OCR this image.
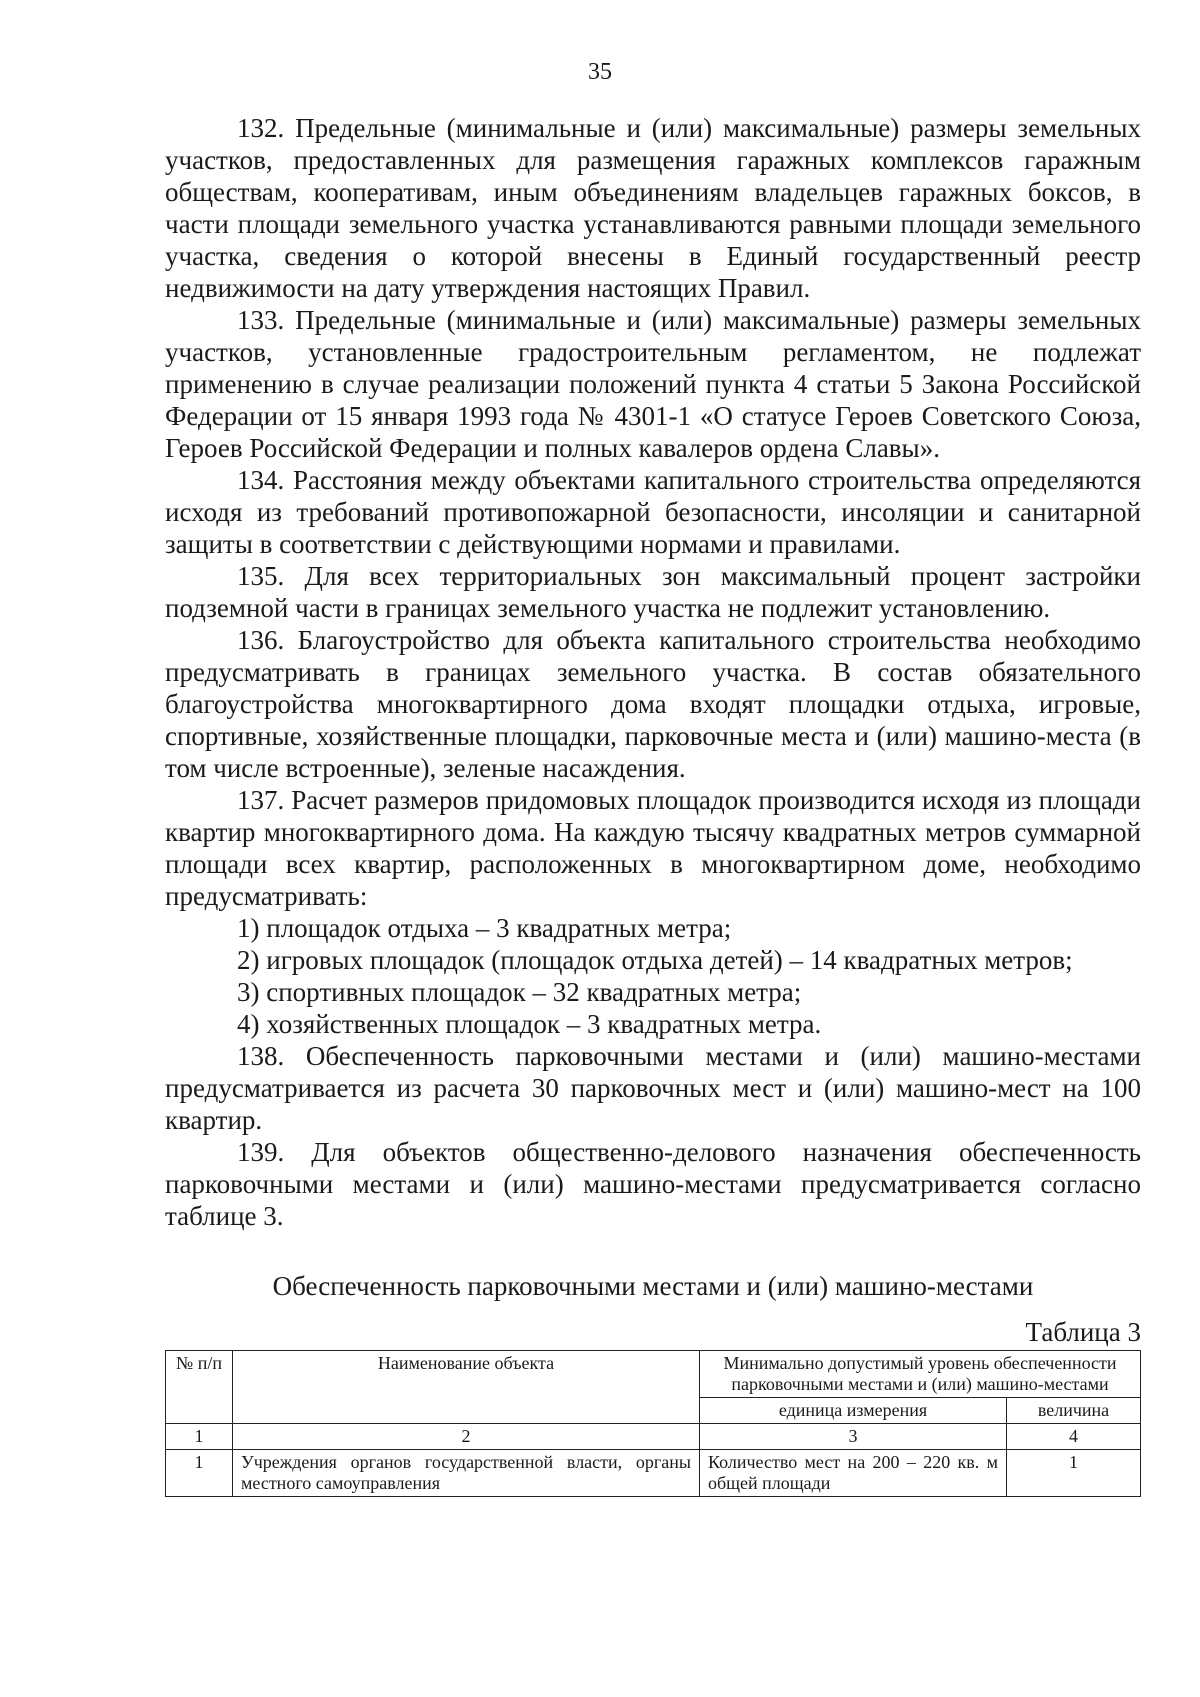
35

132. Предельные (минимальные и (или) максимальные) размеры земельных участков, предоставленных для размещения гаражных комплексов гаражным обществам, кооперативам, иным объединениям владельцев гаражных боксов, в части площади земельного участка устанавливаются равными площади земельного участка, сведения о которой внесены в Единый государственный реестр недвижимости на дату утверждения настоящих Правил.

133. Предельные (минимальные и (или) максимальные) размеры земельных участков, установленные градостроительным регламентом, не подлежат применению в случае реализации положений пункта 4 статьи 5 Закона Российской Федерации от 15 января 1993 года № 4301-1 «О статусе Героев Советского Союза, Героев Российской Федерации и полных кавалеров ордена Славы».

134. Расстояния между объектами капитального строительства определяются исходя из требований противопожарной безопасности, инсоляции и санитарной защиты в соответствии с действующими нормами и правилами.

135. Для всех территориальных зон максимальный процент застройки подземной части в границах земельного участка не подлежит установлению.

136. Благоустройство для объекта капитального строительства необходимо предусматривать в границах земельного участка. В состав обязательного благоустройства многоквартирного дома входят площадки отдыха, игровые, спортивные, хозяйственные площадки, парковочные места и (или) машино-места (в том числе встроенные), зеленые насаждения.

137. Расчет размеров придомовых площадок производится исходя из площади квартир многоквартирного дома. На каждую тысячу квадратных метров суммарной площади всех квартир, расположенных в многоквартирном доме, необходимо предусматривать:

1) площадок отдыха – 3 квадратных метра;

2) игровых площадок (площадок отдыха детей) – 14 квадратных метров;

3) спортивных площадок – 32 квадратных метра;

4) хозяйственных площадок – 3 квадратных метра.

138. Обеспеченность парковочными местами и (или) машино-местами предусматривается из расчета 30 парковочных мест и (или) машино-мест на 100 квартир.

139. Для объектов общественно-делового назначения обеспеченность парковочными местами и (или) машино-местами предусматривается согласно таблице 3.

Обеспеченность парковочными местами и (или) машино-местами

Таблица 3

№ п/п	Наименование объекта	Минимально допустимый уровень обеспеченности парковочными местами и (или) машино-местами	
		единица измерения	величина
1	2	3	4
1	Учреждения органов государственной власти, органы местного самоуправления	Количество мест на 200 – 220 кв. м общей площади	1
